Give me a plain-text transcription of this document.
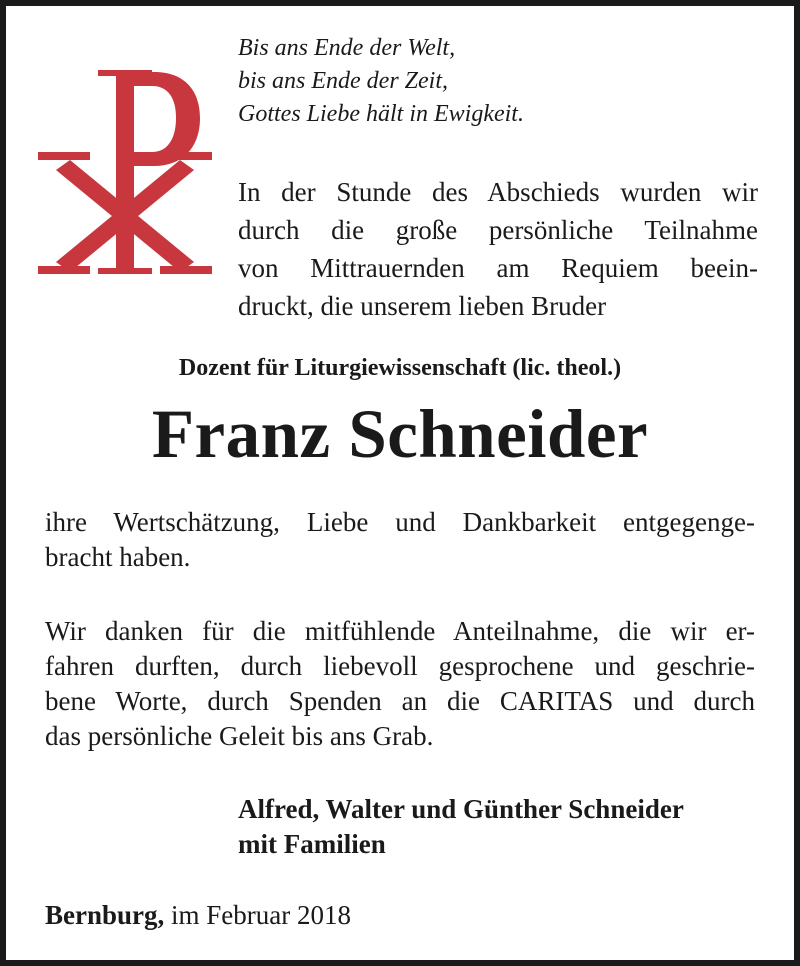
Bis ans Ende der Welt,
bis ans Ende der Zeit,
Gottes Liebe hält in Ewigkeit.
In der Stunde des Abschieds wurden wir
durch die große persönliche Teilnahme
von Mittrauernden am Requiem beein-
druckt, die unserem lieben Bruder
Dozent für Liturgiewissenschaft (lic. theol.)
Franz Schneider
ihre Wertschätzung, Liebe und Dankbarkeit entgegenge-
bracht haben.
Wir danken für die mitfühlende Anteilnahme, die wir er-
fahren durften, durch liebevoll gesprochene und geschrie-
bene Worte, durch Spenden an die CARITAS und durch
das persönliche Geleit bis ans Grab.
Alfred, Walter und Günther Schneider
mit Familien
Bernburg, im Februar 2018
